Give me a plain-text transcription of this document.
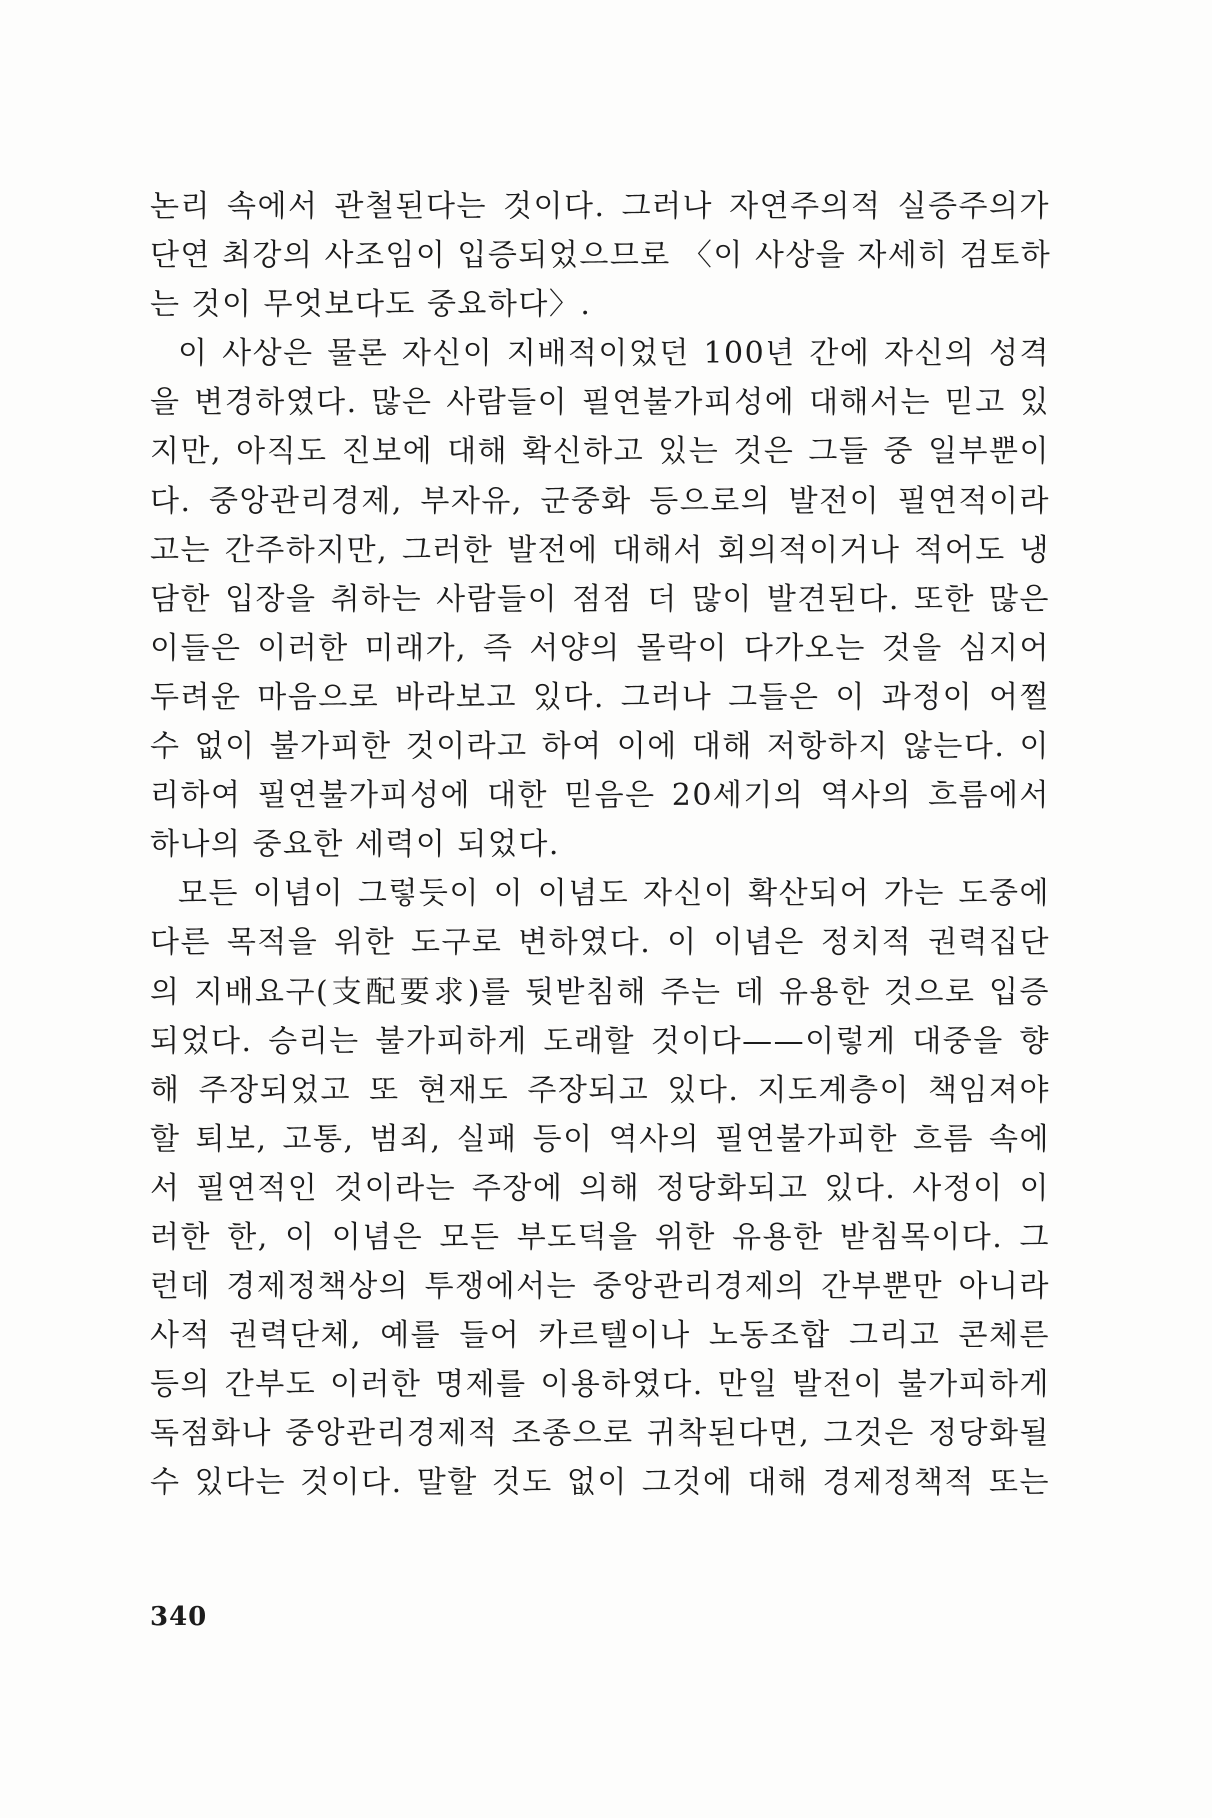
논리 속에서 관철된다는 것이다. 그러나 자연주의적 실증주의가
단연 최강의 사조임이 입증되었으므로 〈이 사상을 자세히 검토하
는 것이 무엇보다도 중요하다〉.
이 사상은 물론 자신이 지배적이었던 100년 간에 자신의 성격
을 변경하였다. 많은 사람들이 필연불가피성에 대해서는 믿고 있
지만, 아직도 진보에 대해 확신하고 있는 것은 그들 중 일부뿐이
다. 중앙관리경제, 부자유, 군중화 등으로의 발전이 필연적이라
고는 간주하지만, 그러한 발전에 대해서 회의적이거나 적어도 냉
담한 입장을 취하는 사람들이 점점 더 많이 발견된다. 또한 많은
이들은 이러한 미래가, 즉 서양의 몰락이 다가오는 것을 심지어
두려운 마음으로 바라보고 있다. 그러나 그들은 이 과정이 어쩔
수 없이 불가피한 것이라고 하여 이에 대해 저항하지 않는다. 이
리하여 필연불가피성에 대한 믿음은 20세기의 역사의 흐름에서
하나의 중요한 세력이 되었다.
모든 이념이 그렇듯이 이 이념도 자신이 확산되어 가는 도중에
다른 목적을 위한 도구로 변하였다. 이 이념은 정치적 권력집단
의 지배요구(支配要求)를 뒷받침해 주는 데 유용한 것으로 입증
되었다. 승리는 불가피하게 도래할 것이다——이렇게 대중을 향
해 주장되었고 또 현재도 주장되고 있다. 지도계층이 책임져야
할 퇴보, 고통, 범죄, 실패 등이 역사의 필연불가피한 흐름 속에
서 필연적인 것이라는 주장에 의해 정당화되고 있다. 사정이 이
러한 한, 이 이념은 모든 부도덕을 위한 유용한 받침목이다. 그
런데 경제정책상의 투쟁에서는 중앙관리경제의 간부뿐만 아니라
사적 권력단체, 예를 들어 카르텔이나 노동조합 그리고 콘체른
등의 간부도 이러한 명제를 이용하였다. 만일 발전이 불가피하게
독점화나 중앙관리경제적 조종으로 귀착된다면, 그것은 정당화될
수 있다는 것이다. 말할 것도 없이 그것에 대해 경제정책적 또는
340
